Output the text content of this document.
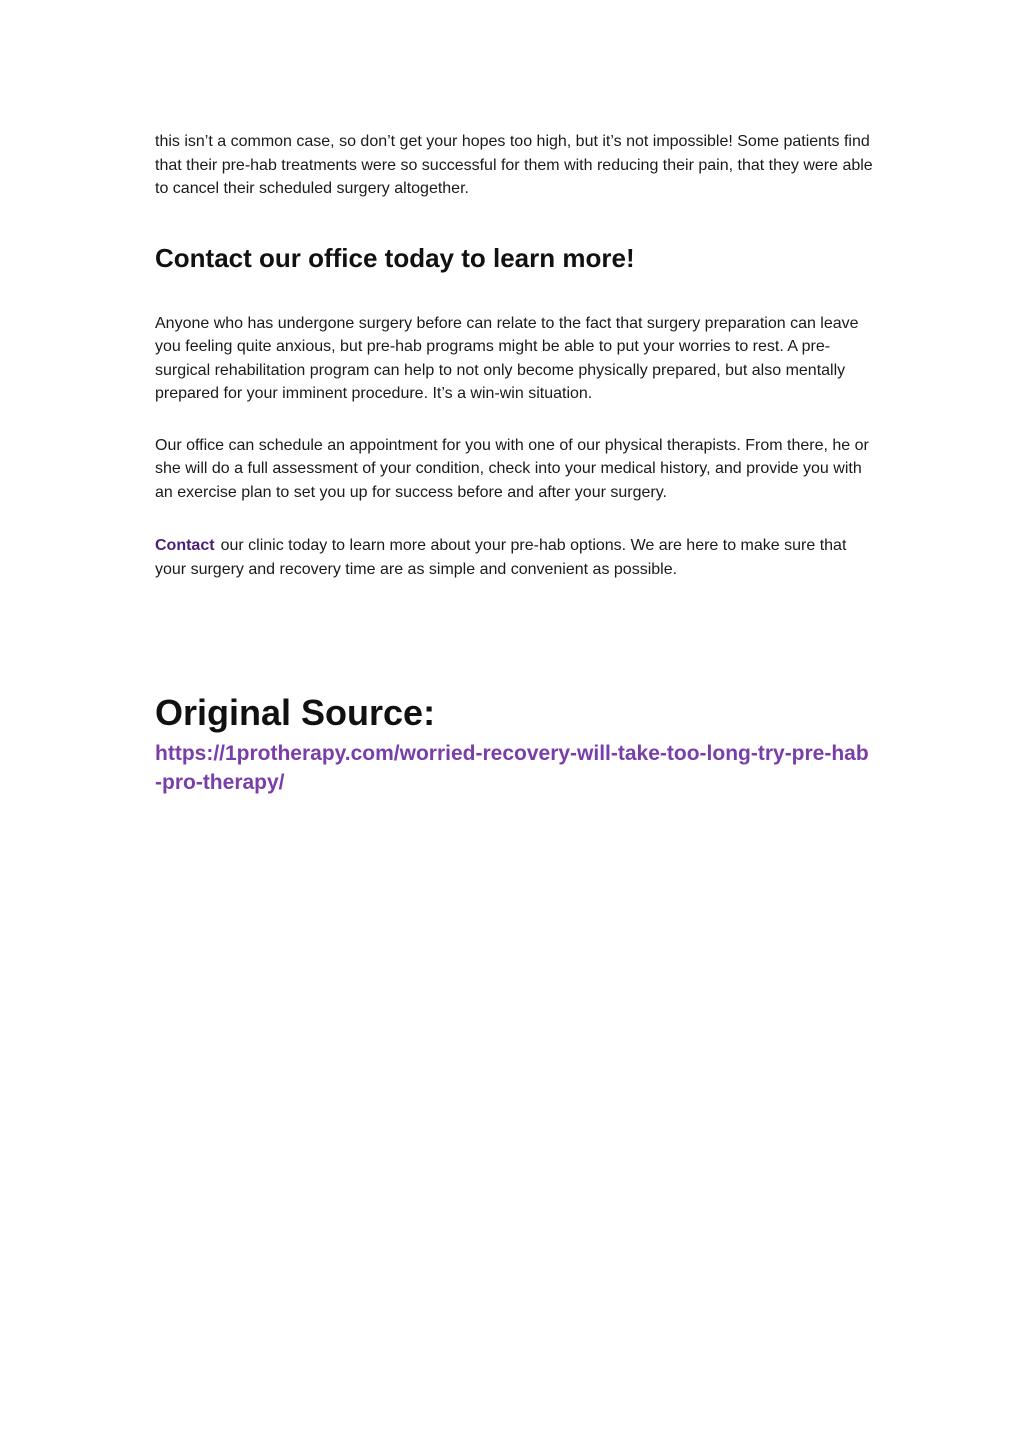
this isn’t a common case, so don’t get your hopes too high, but it’s not impossible! Some patients find that their pre-hab treatments were so successful for them with reducing their pain, that they were able to cancel their scheduled surgery altogether.

Contact our office today to learn more!

Anyone who has undergone surgery before can relate to the fact that surgery preparation can leave you feeling quite anxious, but pre-hab programs might be able to put your worries to rest. A pre-surgical rehabilitation program can help to not only become physically prepared, but also mentally prepared for your imminent procedure. It’s a win-win situation.

Our office can schedule an appointment for you with one of our physical therapists. From there, he or she will do a full assessment of your condition, check into your medical history, and provide you with an exercise plan to set you up for success before and after your surgery.

Contact our clinic today to learn more about your pre-hab options. We are here to make sure that your surgery and recovery time are as simple and convenient as possible.

Original Source:
https://1protherapy.com/worried-recovery-will-take-too-long-try-pre-hab-pro-therapy/
